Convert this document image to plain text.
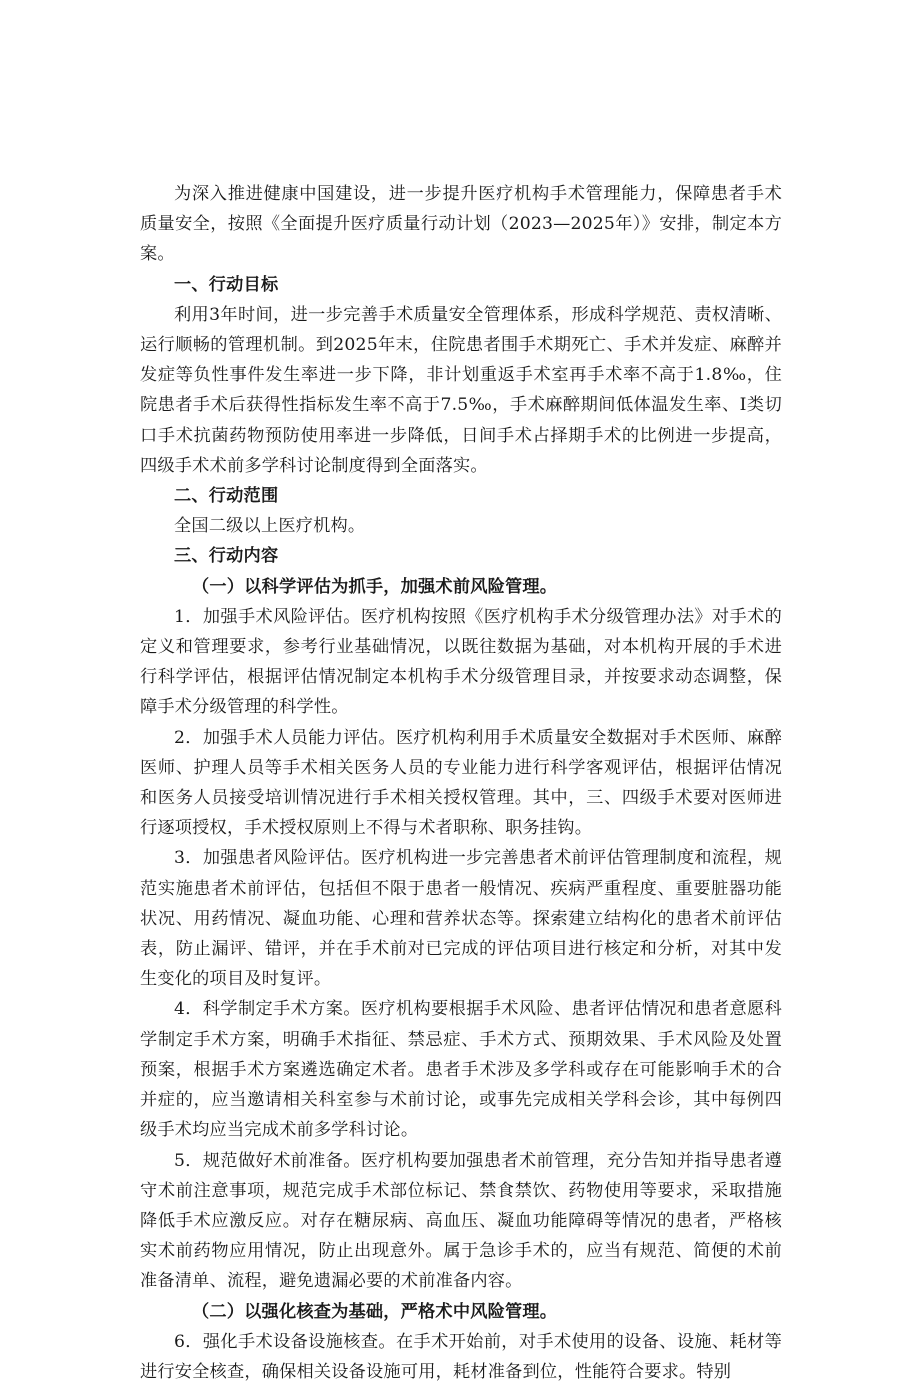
为深入推进健康中国建设，进一步提升医疗机构手术管理能力，保障患者手术质量安全，按照《全面提升医疗质量行动计划（2023—2025年）》安排，制定本方案。

一、行动目标

利用3年时间，进一步完善手术质量安全管理体系，形成科学规范、责权清晰、运行顺畅的管理机制。到2025年末，住院患者围手术期死亡、手术并发症、麻醉并发症等负性事件发生率进一步下降，非计划重返手术室再手术率不高于1.8‰，住院患者手术后获得性指标发生率不高于7.5‰，手术麻醉期间低体温发生率、Ⅰ类切口手术抗菌药物预防使用率进一步降低，日间手术占择期手术的比例进一步提高，四级手术术前多学科讨论制度得到全面落实。

二、行动范围

全国二级以上医疗机构。

三、行动内容

（一）以科学评估为抓手，加强术前风险管理。

1．加强手术风险评估。医疗机构按照《医疗机构手术分级管理办法》对手术的定义和管理要求，参考行业基础情况，以既往数据为基础，对本机构开展的手术进行科学评估，根据评估情况制定本机构手术分级管理目录，并按要求动态调整，保障手术分级管理的科学性。

2．加强手术人员能力评估。医疗机构利用手术质量安全数据对手术医师、麻醉医师、护理人员等手术相关医务人员的专业能力进行科学客观评估，根据评估情况和医务人员接受培训情况进行手术相关授权管理。其中，三、四级手术要对医师进行逐项授权，手术授权原则上不得与术者职称、职务挂钩。

3．加强患者风险评估。医疗机构进一步完善患者术前评估管理制度和流程，规范实施患者术前评估，包括但不限于患者一般情况、疾病严重程度、重要脏器功能状况、用药情况、凝血功能、心理和营养状态等。探索建立结构化的患者术前评估表，防止漏评、错评，并在手术前对已完成的评估项目进行核定和分析，对其中发生变化的项目及时复评。

4．科学制定手术方案。医疗机构要根据手术风险、患者评估情况和患者意愿科学制定手术方案，明确手术指征、禁忌症、手术方式、预期效果、手术风险及处置预案，根据手术方案遴选确定术者。患者手术涉及多学科或存在可能影响手术的合并症的，应当邀请相关科室参与术前讨论，或事先完成相关学科会诊，其中每例四级手术均应当完成术前多学科讨论。

5．规范做好术前准备。医疗机构要加强患者术前管理，充分告知并指导患者遵守术前注意事项，规范完成手术部位标记、禁食禁饮、药物使用等要求，采取措施降低手术应激反应。对存在糖尿病、高血压、凝血功能障碍等情况的患者，严格核实术前药物应用情况，防止出现意外。属于急诊手术的，应当有规范、简便的术前准备清单、流程，避免遗漏必要的术前准备内容。

（二）以强化核查为基础，严格术中风险管理。

6．强化手术设备设施核查。在手术开始前，对手术使用的设备、设施、耗材等进行安全核查，确保相关设备设施可用，耗材准备到位，性能符合要求。特别
